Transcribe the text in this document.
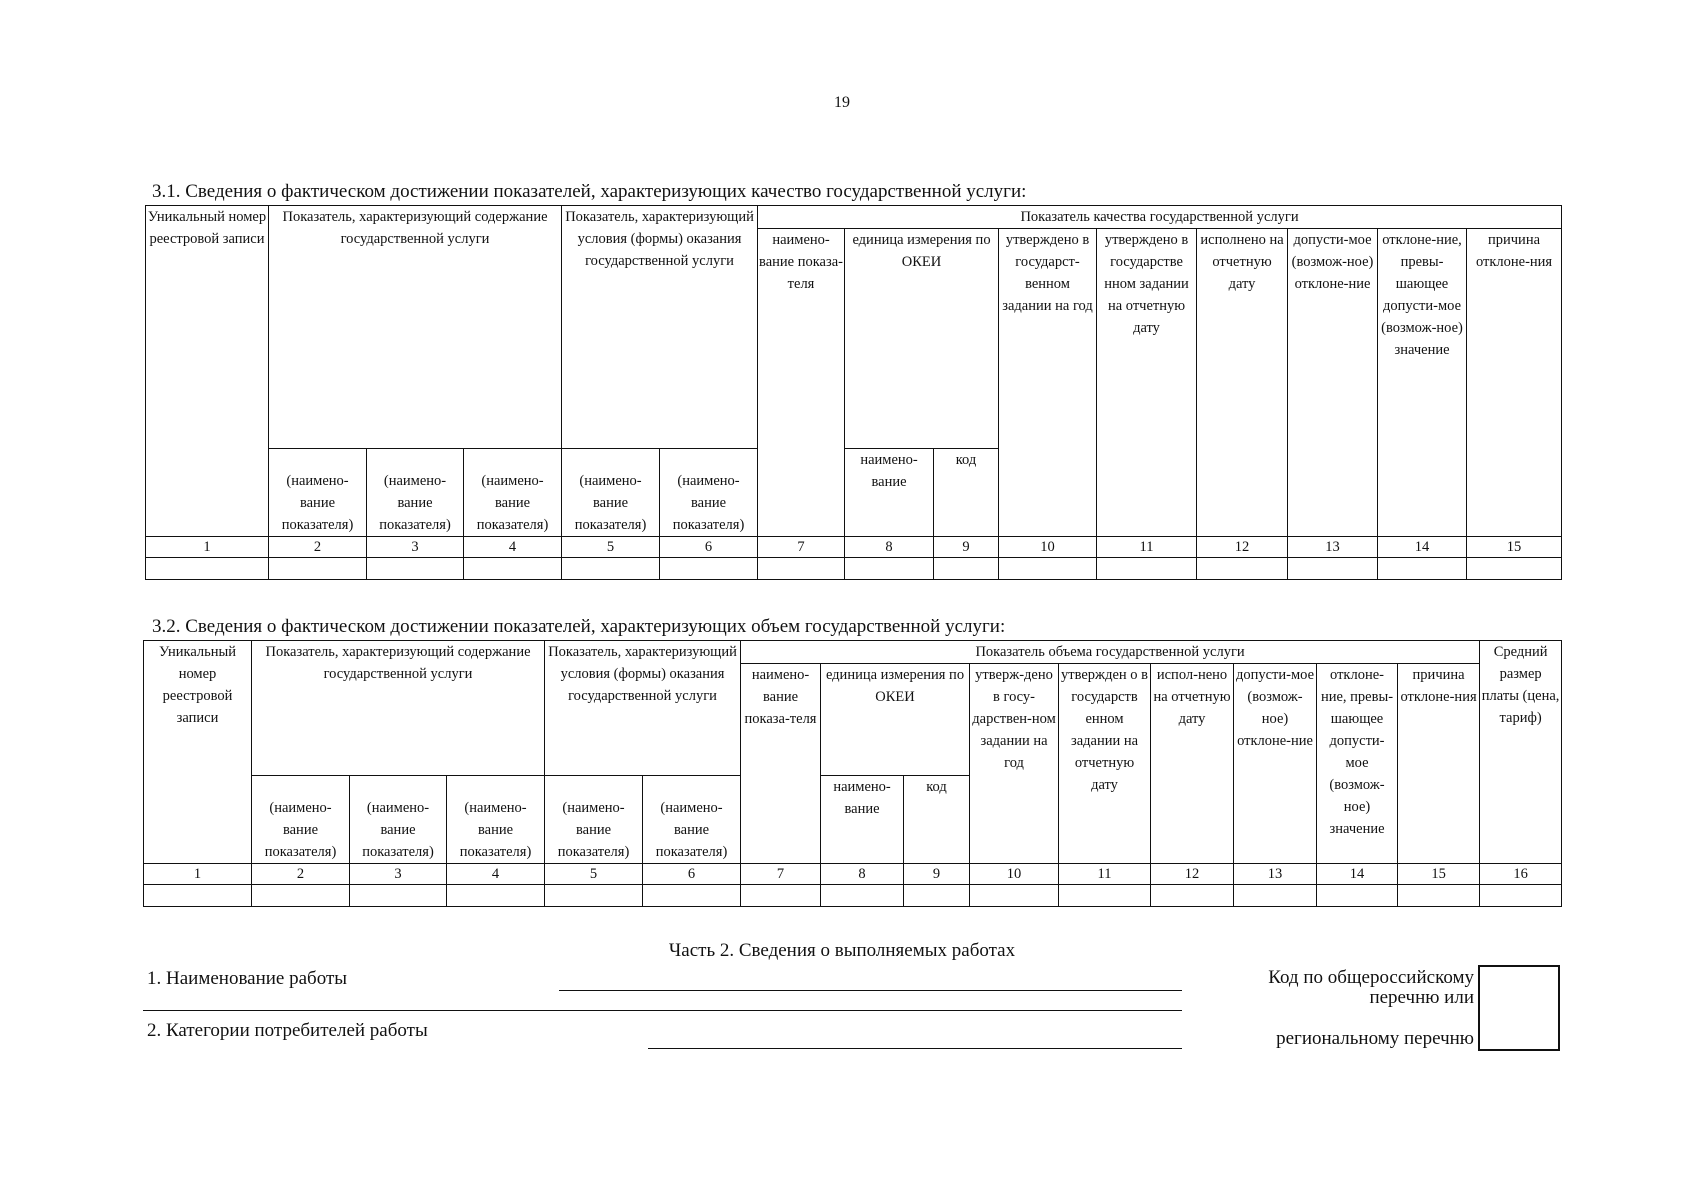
19
3.1. Сведения о фактическом достижении показателей, характеризующих качество государственной услуги:
Уникальный номер реестровой записи	Показатель, характеризующий содержание государственной услуги			Показатель, характеризующий условия (формы) оказания государственной услуги		Показатель качества государственной услуги								
						наимено-вание показа-теля	единица измерения по ОКЕИ		утверждено в государст-венном задании на год	утверждено в государстве нном задании на отчетную дату	исполнено на отчетную дату	допусти-мое (возмож-ное) отклоне-ние	отклоне-ние, превы-шающее допусти-мое (возмож-ное) значение	причина отклоне-ния
	(наимено-вание показателя)	(наимено-вание показателя)	(наимено-вание показателя)	(наимено-вание показателя)	(наимено-вание показателя)		наимено-вание	код						

1	2	3	4	5	6	7	8	9	10	11	12	13	14	15

3.2. Сведения о фактическом достижении показателей, характеризующих объем государственной услуги:
Уникальный номер реестровой записи	Показатель, характеризующий содержание государственной услуги			Показатель, характеризующий условия (формы) оказания государственной услуги		Показатель объема государственной услуги									Средний размер платы (цена, тариф)
						наимено-вание показа-теля	единица измерения по ОКЕИ		утверж-дено в госу-дарствен-ном задании на год	утвержден о в государств енном задании на отчетную дату	испол-нено на отчетную дату	допусти-мое (возмож-ное) отклоне-ние	отклоне-ние, превы-шающее допусти-мое (возмож-ное) значение	причина отклоне-ния	
	(наимено-вание показателя)	(наимено-вание показателя)	(наимено-вание показателя)	(наимено-вание показателя)	(наимено-вание показателя)		наимено-вание	код							

1	2	3	4	5	6	7	8	9	10	11	12	13	14	15	16

Часть 2. Сведения о выполняемых работах
1. Наименование работы
2. Категории потребителей работы
Код по общероссийскому
перечню или
региональному перечню
